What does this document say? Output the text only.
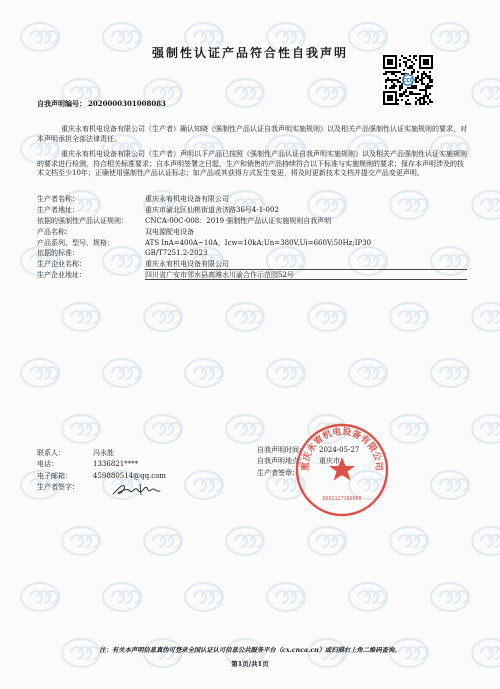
强制性认证产品符合性自我声明
CCC
自我声明编号： 2020000301008083
重庆永宥机电设备有限公司（生产者）确认知晓《强制性产品认证自我声明实施规则》以及相关产品强制性认证实施规则的要求，对本声明承担全部法律责任。
重庆永宥机电设备有限公司（生产者）声明以下产品已按照《强制性产品认证自我声明实施规则》以及相关产品强制性认证实施规则的要求进行检测，符合相关标准要求；自本声明签署之日起，生产和销售的产品持续符合以下标准与实施规则的要求；保存本声明涉及的技术文档至少10年；正确使用强制性产品认证标志；如产品或其获得方式发生变更，将及时更新技术文档并提交产品变更声明。
生产者名称：	重庆永宥机电设备有限公司
生产者地址：	重庆市渝北区仙桃街道舍济路36号4-1-002
依据的强制性产品认证规则：	CNCA-00C-008：2019 强制性产品认证实施规则自我声明
产品名称：	双电源配电设备
产品系列、型号、规格：	ATS InA=400A~10A，Icw=10kA;Un=380V,Ui=660V;50Hz;IP30
依据的标准：	GB/T7251.2-2023
生产企业名称：	重庆永宥机电设备有限公司
生产企业地址：	四川省广安市邻水县高滩水川渝合作示范园52号
联系人：	冯永胜
电话：	1336821****
电子邮箱：	459880514@qq.com
生产者签字：
自我声明时间：	2024-05-27
自我声明地点：	重庆市
生产者签章：
重庆永宥机电设备有限公司
5001127189000
注：有关本声明信息真伪可登录全国认证认可信息公共服务平台（cx.cnca.cn）或扫描右上角二维码查询。
第1页/共1页
